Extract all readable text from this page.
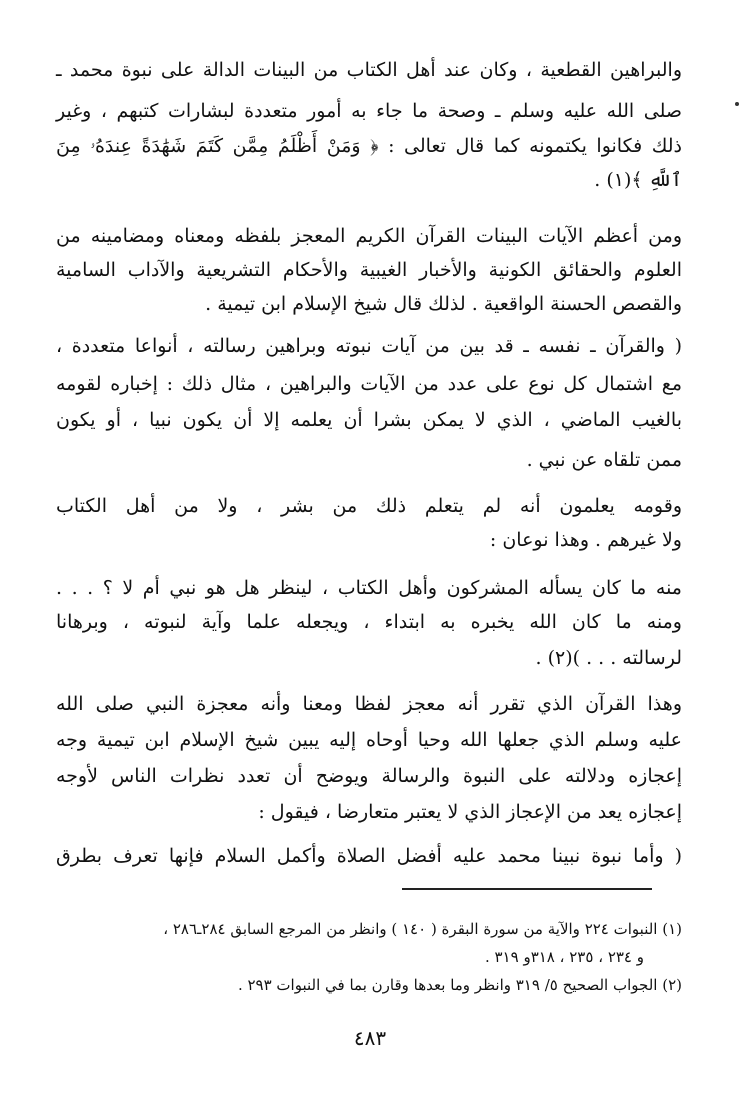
والبراهين القطعية ، وكان عند أهل الكتاب من البينات الدالة على نبوة محمد ـ
صلى الله عليه وسلم ـ وصحة ما جاء به أمور متعددة لبشارات كتبهم ، وغير
ذلك فكانوا يكتمونه كما قال تعالى : ﴿ وَمَنْ أَظْلَمُ مِمَّن كَتَمَ شَهَٰدَةً عِندَهُۥ مِنَ
ٱللَّهِ ﴾(١) .
ومن أعظم الآيات البينات القرآن الكريم المعجز بلفظه ومعناه ومضامينه من
العلوم والحقائق الكونية والأخبار الغيبية والأحكام التشريعية والآداب السامية
والقصص الحسنة الواقعية . لذلك قال شيخ الإسلام ابن تيمية .
( والقرآن ـ نفسه ـ قد بين من آيات نبوته وبراهين رسالته ، أنواعا متعددة ،
مع اشتمال كل نوع على عدد من الآيات والبراهين ، مثال ذلك : إخباره لقومه
بالغيب الماضي ، الذي لا يمكن بشرا أن يعلمه إلا أن يكون نبيا ، أو يكون
ممن تلقاه عن نبي .
وقومه يعلمون أنه لم يتعلم ذلك من بشر ، ولا من أهل الكتاب
ولا غيرهم . وهذا نوعان :
منه ما كان يسأله المشركون وأهل الكتاب ، لينظر هل هو نبي أم لا ؟ . . .
ومنه ما كان الله يخبره به ابتداء ، ويجعله علما وآية لنبوته ، وبرهانا
لرسالته . . . )(٢) .
وهذا القرآن الذي تقرر أنه معجز لفظا ومعنا وأنه معجزة النبي صلى الله
عليه وسلم الذي جعلها الله وحيا أوحاه إليه يبين شيخ الإسلام ابن تيمية وجه
إعجازه ودلالته على النبوة والرسالة ويوضح أن تعدد نظرات الناس لأوجه
إعجازه يعد من الإعجاز الذي لا يعتبر متعارضا ، فيقول :
( وأما نبوة نبينا محمد عليه أفضل الصلاة وأكمل السلام فإنها تعرف بطرق
(١) النبوات ٢٢٤ والآية من سورة البقرة ( ١٤٠ ) وانظر من المرجع السابق ٢٨٤ـ٢٨٦ ،
و ٢٣٤ ، ٢٣٥ ، ٣١٨و ٣١٩ .
(٢) الجواب الصحيح ٥/ ٣١٩ وانظر وما بعدها وقارن بما في النبوات ٢٩٣ .
٤٨٣
